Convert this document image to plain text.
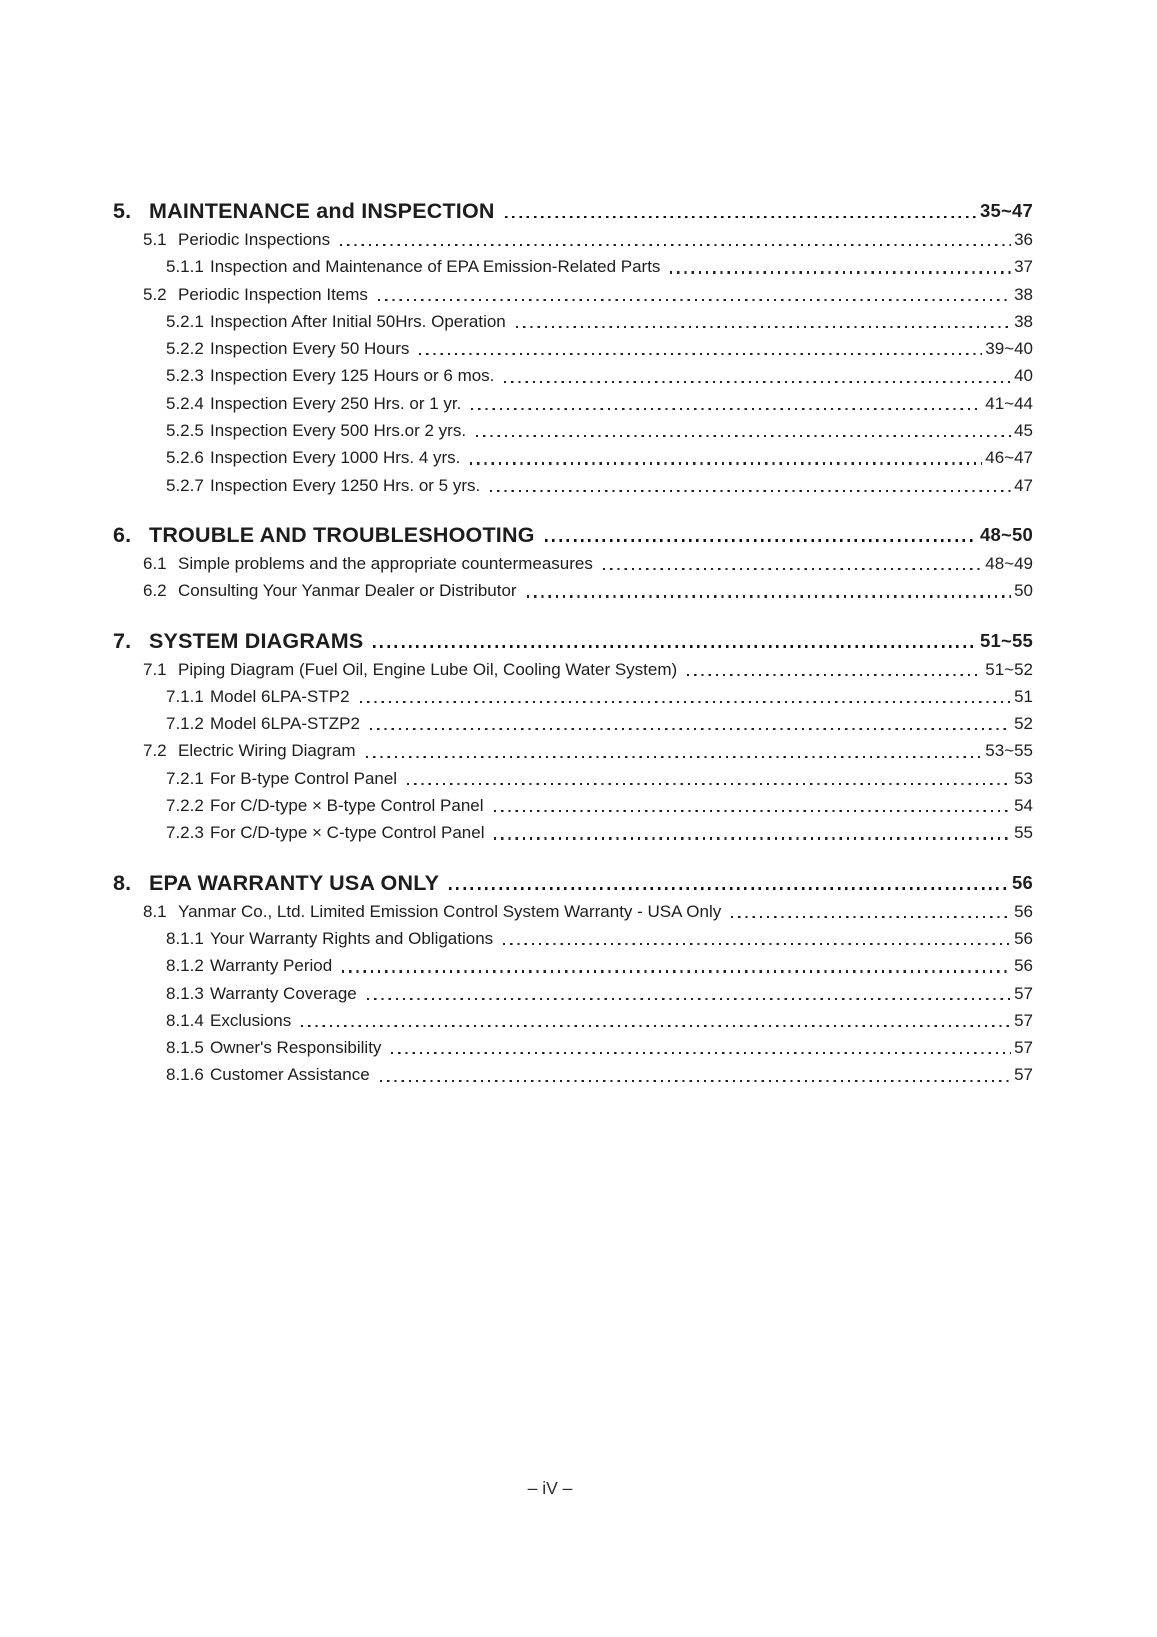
5. MAINTENANCE and INSPECTION	35~47
5.1 Periodic Inspections	36
5.1.1 Inspection and Maintenance of EPA Emission-Related Parts	37
5.2 Periodic Inspection Items	38
5.2.1 Inspection After Initial 50Hrs. Operation	38
5.2.2 Inspection Every 50 Hours	39~40
5.2.3 Inspection Every 125 Hours or 6 mos.	40
5.2.4 Inspection Every 250 Hrs. or 1 yr.	41~44
5.2.5 Inspection Every 500 Hrs.or 2 yrs.	45
5.2.6 Inspection Every 1000 Hrs. 4 yrs.	46~47
5.2.7 Inspection Every 1250 Hrs. or 5 yrs.	47
6. TROUBLE AND TROUBLESHOOTING	48~50
6.1 Simple problems and the appropriate countermeasures	48~49
6.2 Consulting Your Yanmar Dealer or Distributor	50
7. SYSTEM DIAGRAMS	51~55
7.1 Piping Diagram (Fuel Oil, Engine Lube Oil, Cooling Water System)	51~52
7.1.1 Model 6LPA-STP2	51
7.1.2 Model 6LPA-STZP2	52
7.2 Electric Wiring Diagram	53~55
7.2.1 For B-type Control Panel	53
7.2.2 For C/D-type × B-type Control Panel	54
7.2.3 For C/D-type × C-type Control Panel	55
8. EPA WARRANTY USA ONLY	56
8.1 Yanmar Co., Ltd. Limited Emission Control System Warranty - USA Only	56
8.1.1 Your Warranty Rights and Obligations	56
8.1.2 Warranty Period	56
8.1.3 Warranty Coverage	57
8.1.4 Exclusions	57
8.1.5 Owner's Responsibility	57
8.1.6 Customer Assistance	57
– iV –
